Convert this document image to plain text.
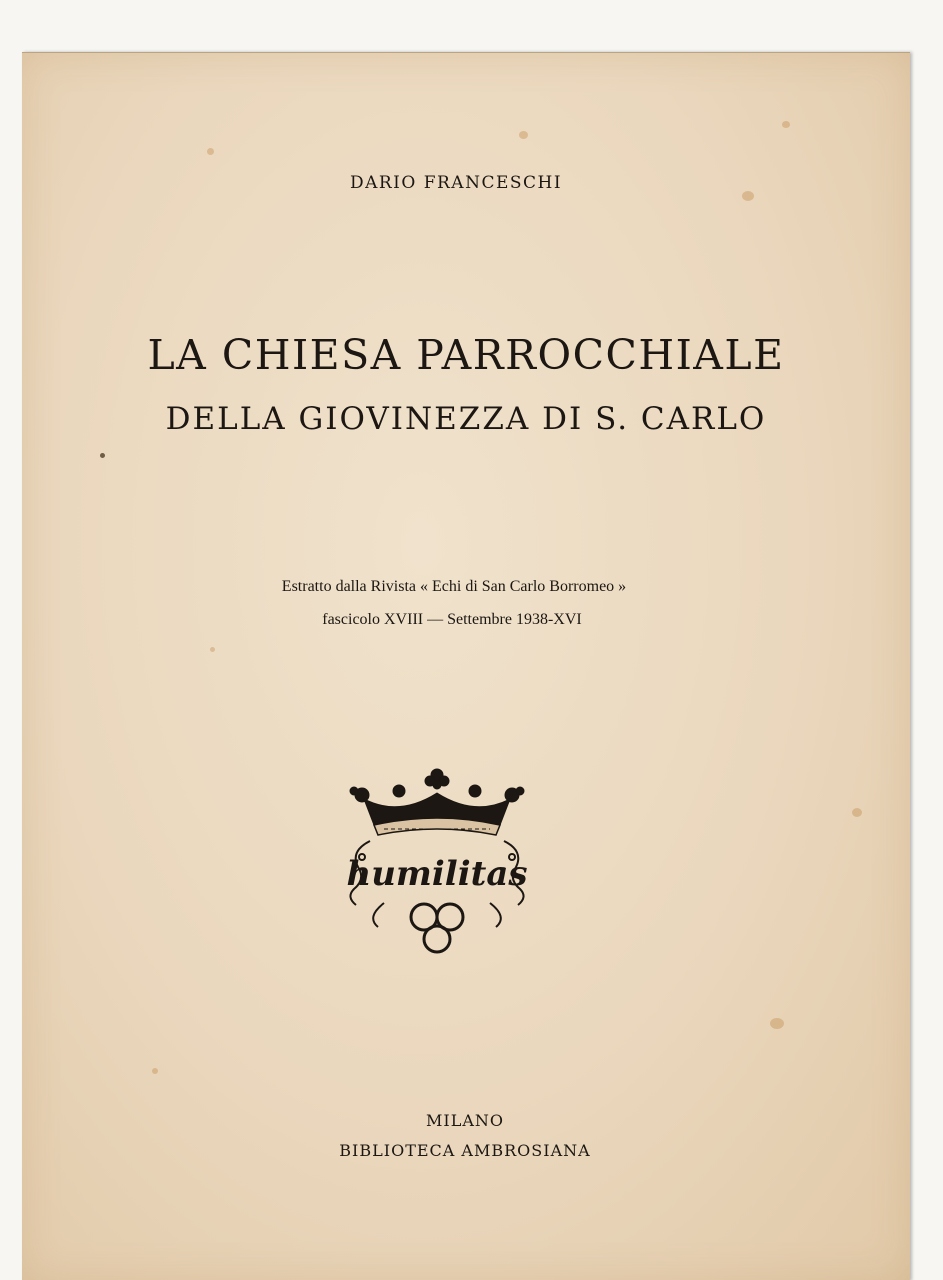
DARIO FRANCESCHI
LA CHIESA PARROCCHIALE
DELLA GIOVINEZZA DI S. CARLO
Estratto dalla Rivista « Echi di San Carlo Borromeo »
fascicolo XVIII — Settembre 1938-XVI
humilitas
MILANO
BIBLIOTECA AMBROSIANA
